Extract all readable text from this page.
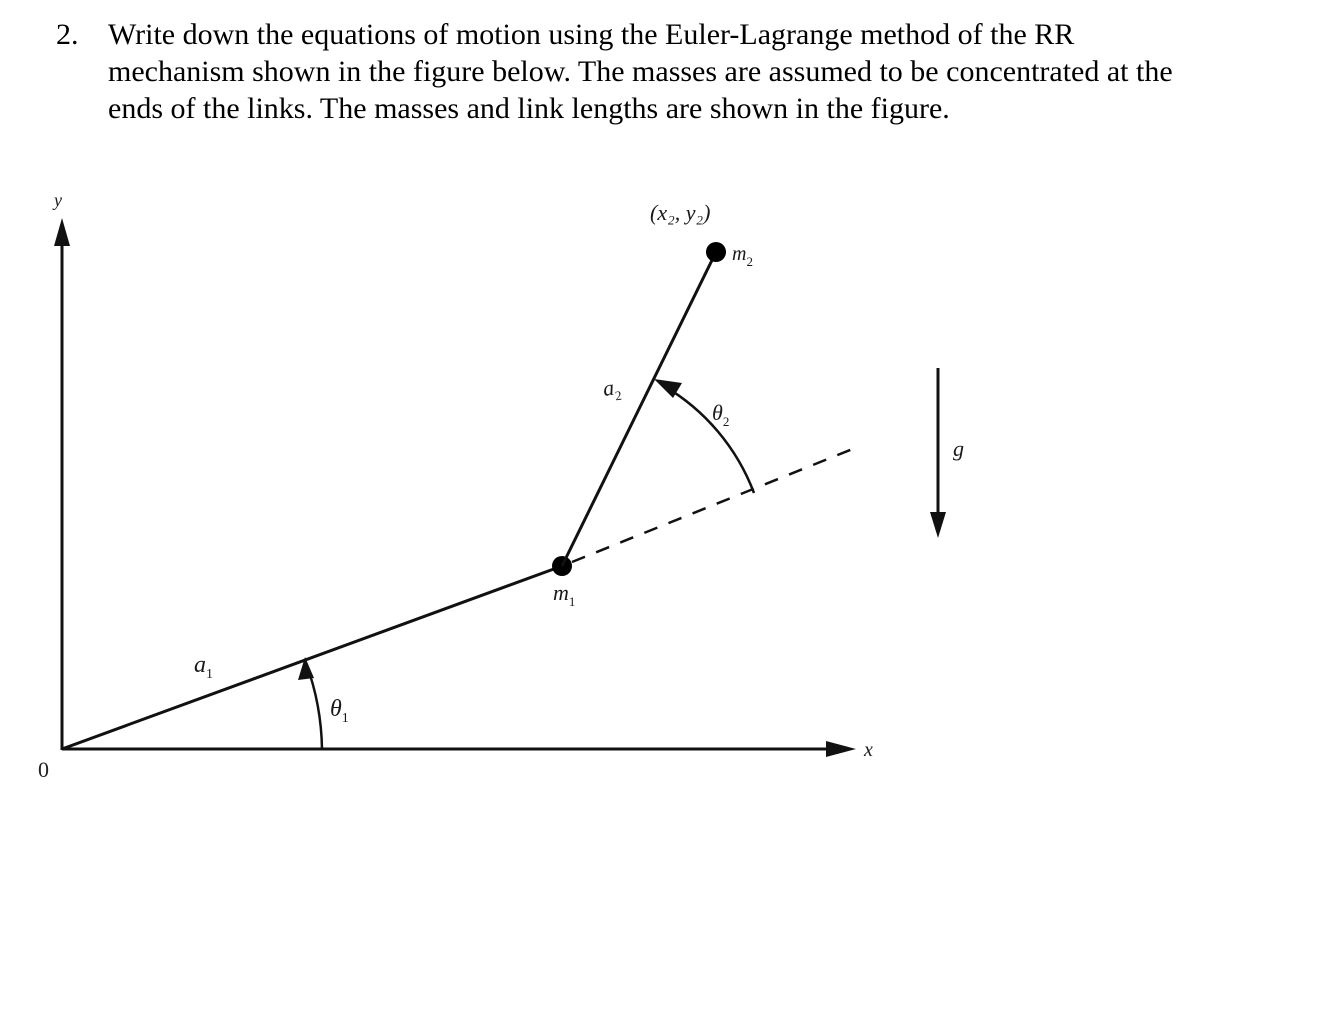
2. Write down the equations of motion using the Euler-Lagrange method of the RR
mechanism shown in the figure below. The masses are assumed to be concentrated at the
ends of the links. The masses and link lengths are shown in the figure.
y
x
0
$a_1$
$\theta_1$
$m_1$
$a_2$
$\theta_2$
$m_2$
(x₂, y₂)
g
